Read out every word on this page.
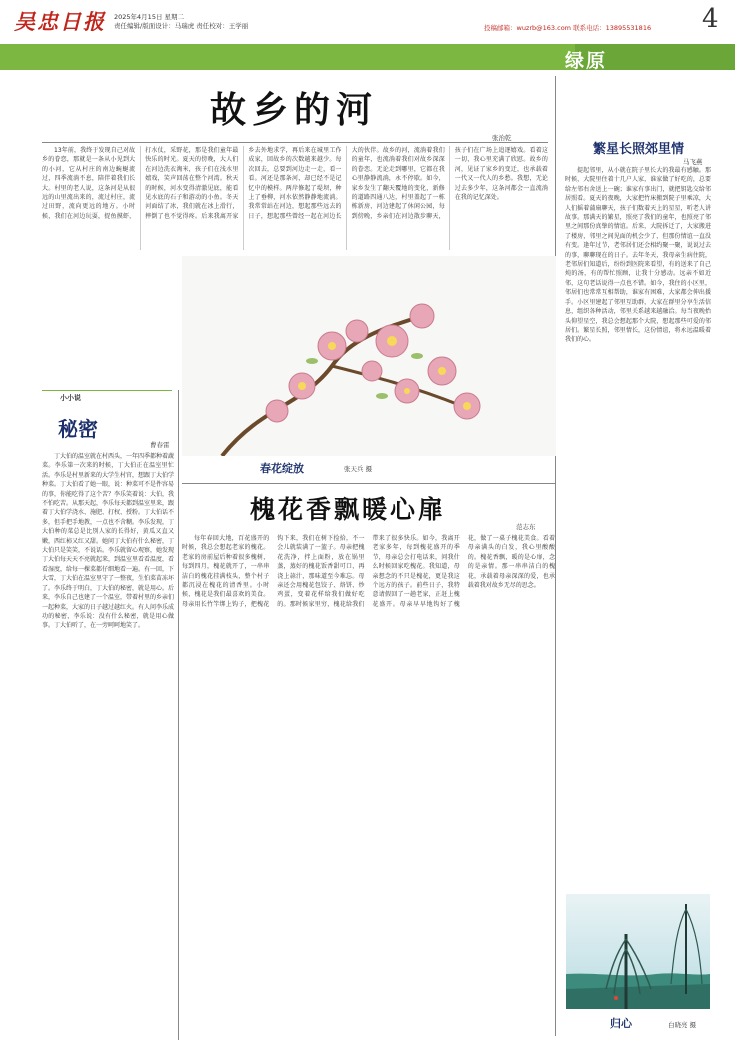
吴忠日报 2025年4月15日 星期二
责任编辑/版面设计：马瑞虎 责任校对：王学丽	投稿邮箱：wuzrb@163.com 联系电话：13895531816	4
绿原
故乡的河
张治乾
13年前，我终于发现自己对故乡的眷恋，那就是一条从小见到大的小河，它从村庄的南边蜿蜒流过，四季流淌不息，陪伴着我们长大。村里的老人说，这条河是从很远的山里流出来的，流过村庄，流过田野，流向更远的地方。小时候，我们在河边玩耍，捉鱼摸虾，打水仗，采野花，那是我们童年最快乐的时光。夏天的傍晚，大人们在河边洗衣淘米，孩子们在浅水里嬉戏，笑声回荡在整个河湾。秋天的时候，河水变得清澈见底，能看见水底的石子和游动的小鱼。冬天河面结了冰，我们就在冰上滑行，摔倒了也不觉得疼。后来我离开家乡去外地求学，再后来在城里工作成家，回故乡的次数越来越少。每次回去，总要到河边走一走，看一看。河还是那条河，却已经不是记忆中的模样。两岸修起了堤坝，种上了垂柳，河水依然静静地流淌。我常常站在河边，想起那些远去的日子，想起那些曾经一起在河边长大的伙伴。故乡的河，流淌着我们的童年，也流淌着我们对故乡深深的眷恋。无论走到哪里，它都在我心里静静流淌，永不停歇。如今，家乡发生了翻天覆地的变化，新修的道路四通八达，村里盖起了一栋栋新房，河边建起了休闲公园，每到傍晚，乡亲们在河边散步聊天，孩子们在广场上追逐嬉戏。看着这一切，我心里充满了欣慰。故乡的河，见证了家乡的变迁，也承载着一代又一代人的乡愁。我想，无论过去多少年，这条河都会一直流淌在我的记忆深处。
小小说
秘密
曹春雷
丁大伯的温室就在村西头，一年四季都种着蔬菜。李乐第一次来的时候，丁大伯正在温室里忙活。李乐是村里新来的大学生村官，想跟丁大伯学种菜。丁大伯看了她一眼，说：种菜可不是件容易的事，你能吃得了这个苦？李乐笑着说：大伯，我不怕吃苦。从那天起，李乐每天都到温室里来，跟着丁大伯学浇水、施肥、打杈、授粉。丁大伯话不多，但手把手地教，一点也不含糊。李乐发现，丁大伯种的菜总是比别人家的长得好，黄瓜又直又嫩，西红柿又红又甜。她问丁大伯有什么秘密，丁大伯只是笑笑，不说话。李乐就留心观察，她发现丁大伯每天天不亮就起来，到温室里看看温度，看看湿度，给每一棵菜都仔细地看一遍。有一回，下大雪，丁大伯在温室里守了一整夜，生怕菜苗冻坏了。李乐终于明白，丁大伯的秘密，就是用心。后来，李乐自己也建了一个温室，带着村里的乡亲们一起种菜，大家的日子越过越红火。有人问李乐成功的秘密，李乐说：没有什么秘密，就是用心做事。丁大伯听了，在一旁呵呵地笑了。
春花绽放	张天兵 摄
槐花香飘暖心扉
范志东
每年春回大地，百花盛开的时候，我总会想起老家的槐花。老家的房前屋后种着很多槐树，每到四月，槐花就开了，一串串洁白的槐花挂满枝头，整个村子都沉浸在槐花的清香里。小时候，槐花是我们最喜欢的美食。母亲用长竹竿绑上钩子，把槐花钩下来，我们在树下捡拾，不一会儿就装满了一篮子。母亲把槐花洗净，拌上面粉，放在锅里蒸，蒸好的槐花饭香甜可口，再浇上蒜汁，那味道至今难忘。母亲还会用槐花包饺子、烙饼、炒鸡蛋，变着花样给我们做好吃的。那时候家里穷，槐花给我们带来了很多快乐。如今，我离开老家多年，每到槐花盛开的季节，母亲总会打电话来，问我什么时候回家吃槐花。我知道，母亲想念的不只是槐花，更是我这个远方的孩子。前些日子，我特意请假回了一趟老家，正赶上槐花盛开。母亲早早地钩好了槐花，做了一桌子槐花美食。看着母亲满头的白发，我心里酸酸的。槐花香飘，暖的是心扉，念的是亲情。那一串串洁白的槐花，承载着母亲深深的爱，也承载着我对故乡无尽的思念。
繁星长照郊里情
马飞燕
提起邻里，从小就在院子里长大的我最有感触。那时候，大院里住着十几户人家，谁家做了好吃的，总要给左邻右舍送上一碗；谁家有事出门，就把钥匙交给邻居照看。夏天的夜晚，大家把竹床搬到院子里乘凉，大人们摇着蒲扇聊天，孩子们数着天上的星星，听老人讲故事。那满天的繁星，照亮了我们的童年，也照亮了邻里之间那份真挚的情谊。后来，大院拆迁了，大家搬进了楼房，邻里之间见面的机会少了，但那份情谊一直没有变。逢年过节，老邻居们还会相约聚一聚，说说过去的事，聊聊现在的日子。去年冬天，我母亲生病住院，老邻居们知道后，纷纷到医院来看望，有的送来了自己炖的汤，有的帮忙照顾，让我十分感动。远亲不如近邻，这句老话说得一点也不错。如今，我住的小区里，邻居们也常常互相帮助，谁家有困难，大家都会伸出援手。小区里建起了邻里互助群，大家在群里分享生活信息，组织各种活动，邻里关系越来越融洽。每当夜晚抬头仰望星空，我总会想起那个大院，想起那些可爱的邻居们。繁星长照，邻里情长，这份情谊，将永远温暖着我们的心。
归心	白晓亮 摄
